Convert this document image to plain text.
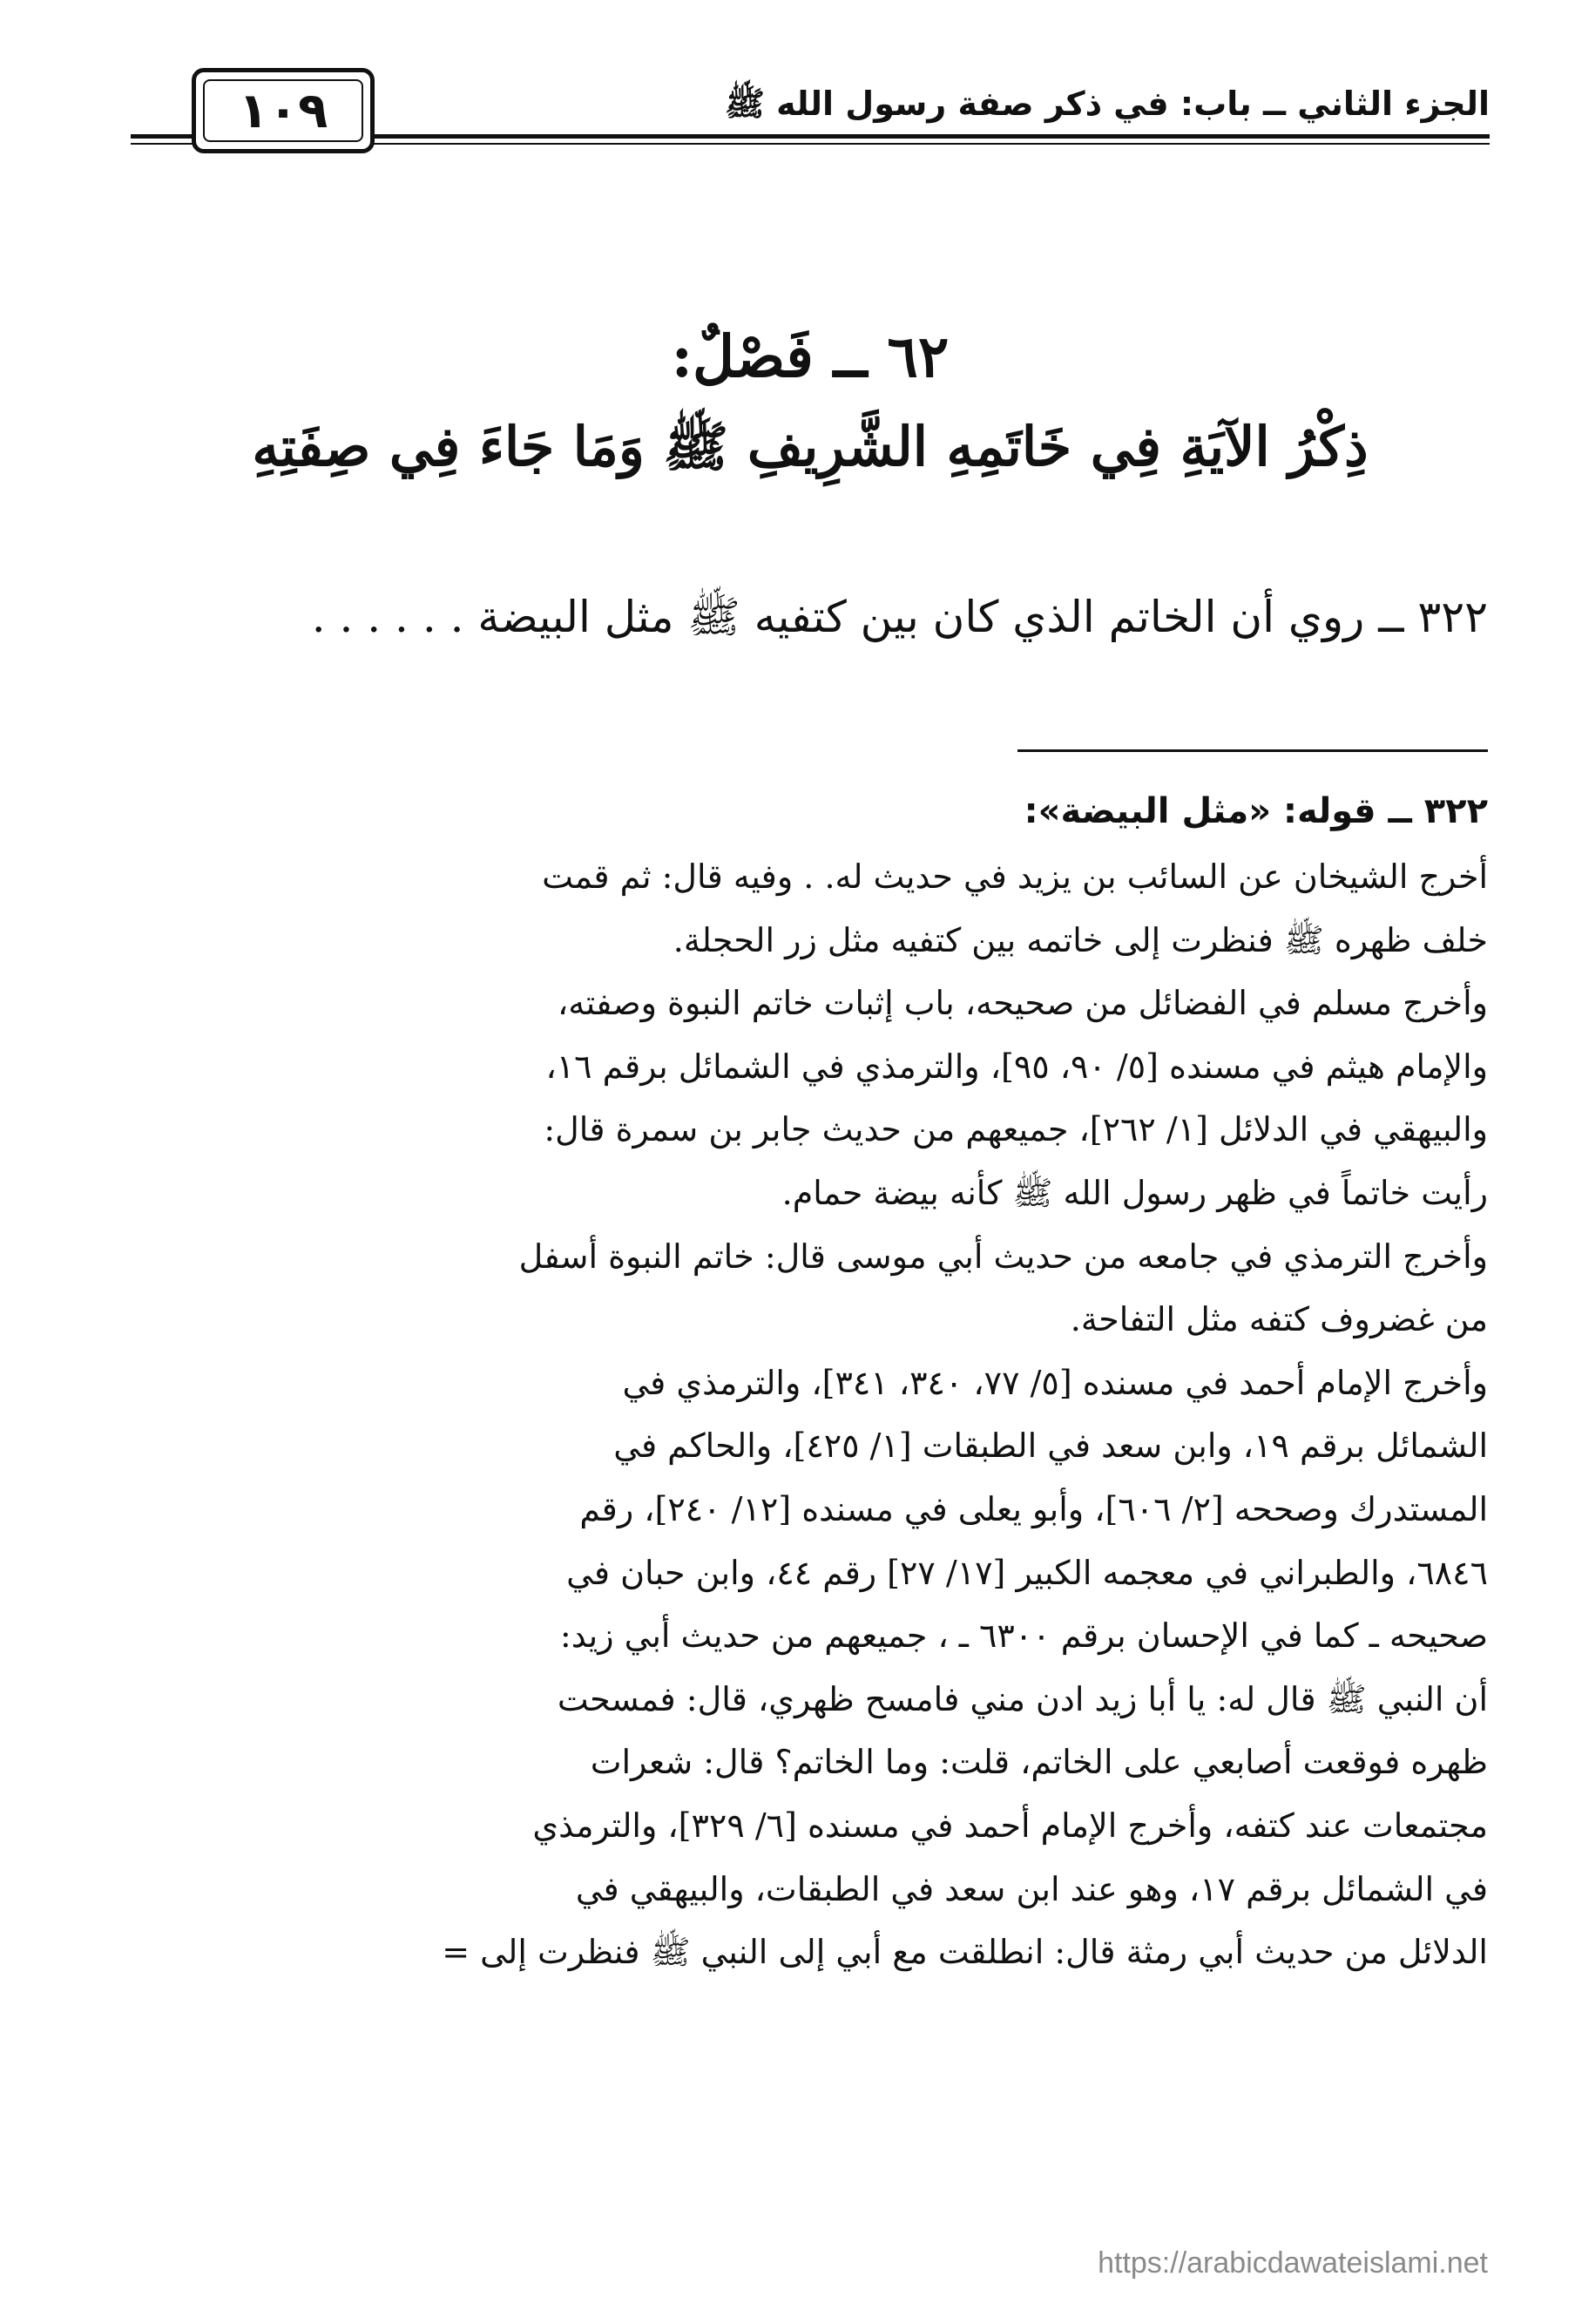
١٠٩	الجزء الثاني ــ باب: في ذكر صفة رسول الله ﷺ
٦٢ ــ فَصْلٌ:
ذِكْرُ الآيَةِ فِي خَاتَمِهِ الشَّرِيفِ ﷺ وَمَا جَاءَ فِي صِفَتِهِ
٣٢٢ ــ روي أن الخاتم الذي كان بين كتفيه ﷺ مثل البيضة . . . . . .
٣٢٢ ــ قوله: «مثل البيضة»:
أخرج الشيخان عن السائب بن يزيد في حديث له. . وفيه قال: ثم قمت
خلف ظهره ﷺ فنظرت إلى خاتمه بين كتفيه مثل زر الحجلة.
وأخرج مسلم في الفضائل من صحيحه، باب إثبات خاتم النبوة وصفته،
والإمام هيثم في مسنده [٥/ ٩٠، ٩٥]، والترمذي في الشمائل برقم ١٦،
والبيهقي في الدلائل [١/ ٢٦٢]، جميعهم من حديث جابر بن سمرة قال:
رأيت خاتماً في ظهر رسول الله ﷺ كأنه بيضة حمام.
وأخرج الترمذي في جامعه من حديث أبي موسى قال: خاتم النبوة أسفل
من غضروف كتفه مثل التفاحة.
وأخرج الإمام أحمد في مسنده [٥/ ٧٧، ٣٤٠، ٣٤١]، والترمذي في
الشمائل برقم ١٩، وابن سعد في الطبقات [١/ ٤٢٥]، والحاكم في
المستدرك وصححه [٢/ ٦٠٦]، وأبو يعلى في مسنده [١٢/ ٢٤٠]، رقم
٦٨٤٦، والطبراني في معجمه الكبير [١٧/ ٢٧] رقم ٤٤، وابن حبان في
صحيحه ـ كما في الإحسان برقم ٦٣٠٠ ـ ، جميعهم من حديث أبي زيد:
أن النبي ﷺ قال له: يا أبا زيد ادن مني فامسح ظهري، قال: فمسحت
ظهره فوقعت أصابعي على الخاتم، قلت: وما الخاتم؟ قال: شعرات
مجتمعات عند كتفه، وأخرج الإمام أحمد في مسنده [٦/ ٣٢٩]، والترمذي
في الشمائل برقم ١٧، وهو عند ابن سعد في الطبقات، والبيهقي في
الدلائل من حديث أبي رمثة قال: انطلقت مع أبي إلى النبي ﷺ فنظرت إلى =
https://arabicdawateislami.net
